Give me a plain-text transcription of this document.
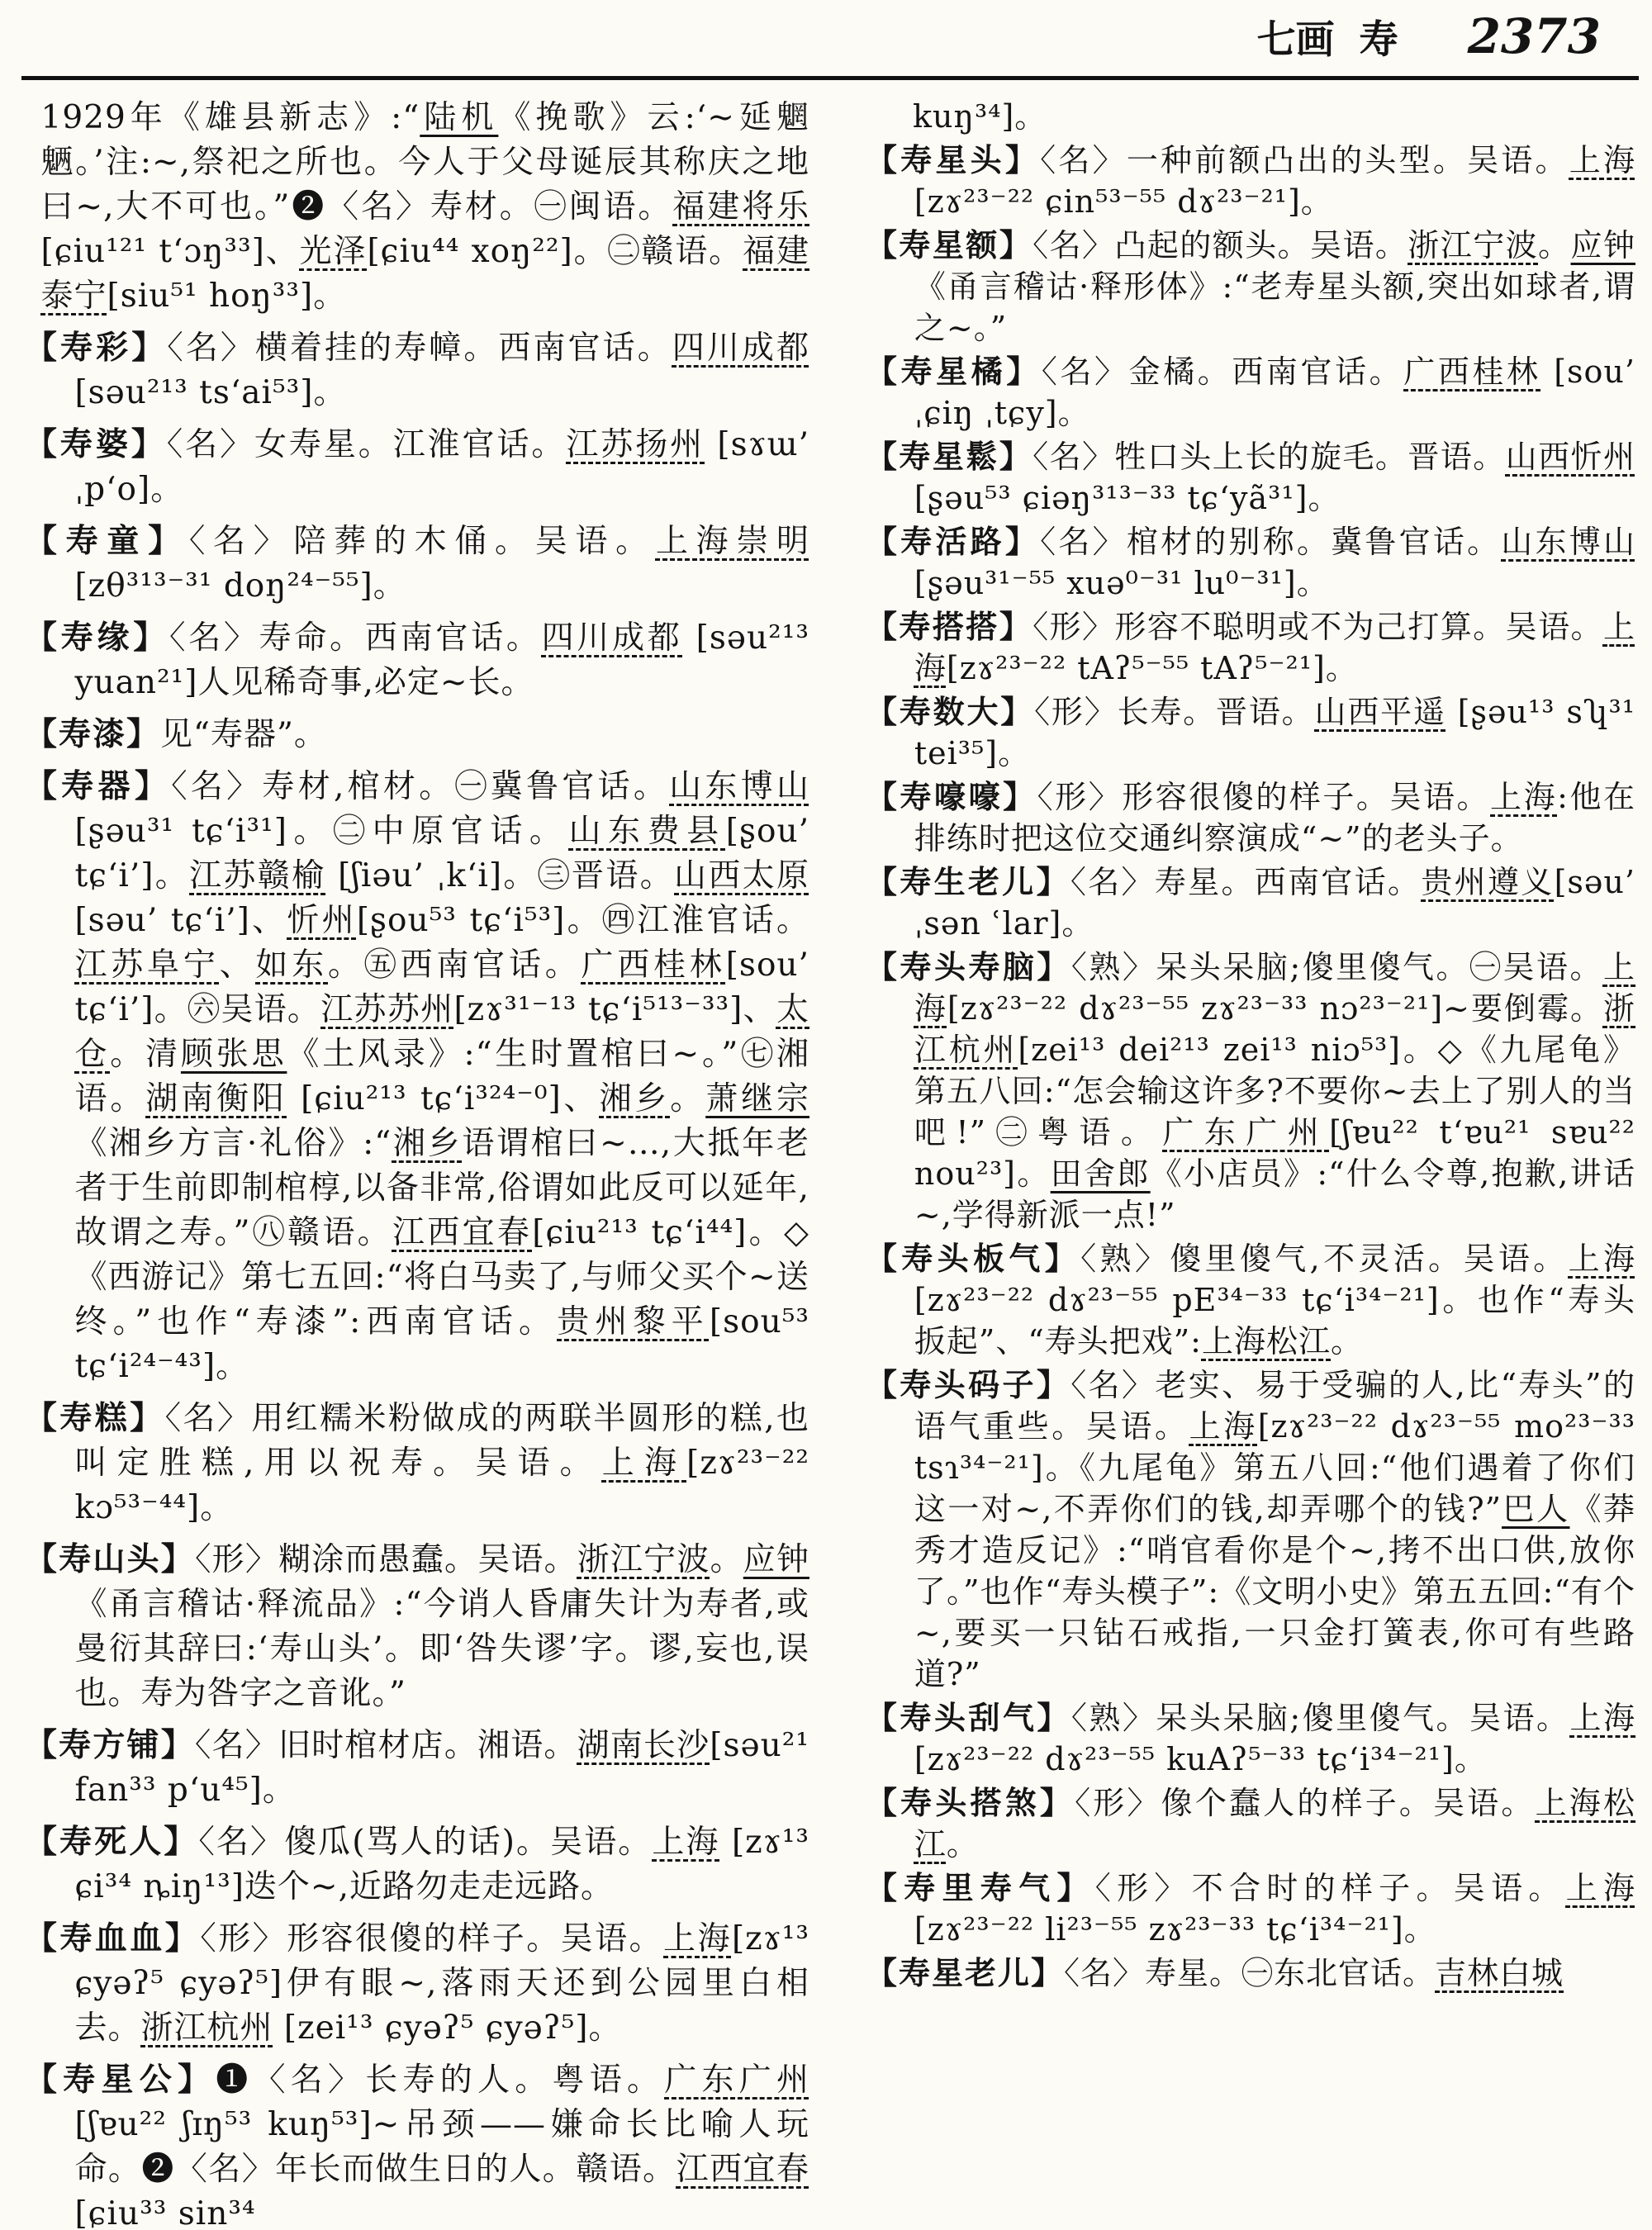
七画 寿 2373

1929年《雄县新志》:“陆机《挽歌》云:‘~延魍魉。’注:~,祭祀之所也。今人于父母诞辰其称庆之地曰~,大不可也。”❷〈名〉寿材。㊀闽语。福建将乐[ɕiu¹²¹ t‘ɔŋ³³]、光泽[ɕiu⁴⁴ xoŋ²²]。㊁赣语。福建泰宁[siu⁵¹ hoŋ³³]。

【寿彩】〈名〉横着挂的寿幛。西南官话。四川成都[səu²¹³ ts‘ai⁵³]。

【寿婆】〈名〉女寿星。江淮官话。江苏扬州 [sɤɯ’ ˌp‘o]。

【寿童】〈名〉陪葬的木俑。吴语。上海崇明 [zθ³¹³⁻³¹ doŋ²⁴⁻⁵⁵]。

【寿缘】〈名〉寿命。西南官话。四川成都 [səu²¹³ yuan²¹]人见稀奇事,必定~长。

【寿漆】见“寿器”。

【寿器】〈名〉寿材,棺材。㊀冀鲁官话。山东博山[ʂəu³¹ tɕ‘i³¹]。㊁中原官话。山东费县[ʂou’ tɕ‘i’]。江苏赣榆 [ʃiəu’ ˌk‘i]。㊂晋语。山西太原 [səu’ tɕ‘i’]、忻州[ʂou⁵³ tɕ‘i⁵³]。㊃江淮官话。江苏阜宁、如东。㊄西南官话。广西桂林[sou’ tɕ‘i’]。㊅吴语。江苏苏州[zɤ³¹⁻¹³ tɕ‘i⁵¹³⁻³³]、太仓。清顾张思《土风录》:“生时置棺曰~。”㊆湘语。湖南衡阳 [ɕiu²¹³ tɕ‘i³²⁴⁻⁰]、湘乡。萧继宗《湘乡方言·礼俗》:“湘乡语谓棺曰~…,大抵年老者于生前即制棺椁,以备非常,俗谓如此反可以延年,故谓之寿。”㊇赣语。江西宜春[ɕiu²¹³ tɕ‘i⁴⁴]。◇《西游记》第七五回:“将白马卖了,与师父买个~送终。”也作“寿漆”:西南官话。贵州黎平[sou⁵³ tɕ‘i²⁴⁻⁴³]。

【寿糕】〈名〉用红糯米粉做成的两联半圆形的糕,也叫定胜糕,用以祝寿。吴语。上海[zɤ²³⁻²² kɔ⁵³⁻⁴⁴]。

【寿山头】〈形〉糊涂而愚蠢。吴语。浙江宁波。应钟《甬言稽诂·释流品》:“今诮人昏庸失计为寿者,或曼衍其辞曰:‘寿山头’。即‘咎失谬’字。谬,妄也,误也。寿为咎字之音讹。”

【寿方铺】〈名〉旧时棺材店。湘语。湖南长沙[səu²¹ fan³³ p‘u⁴⁵]。

【寿死人】〈名〉傻瓜(骂人的话)。吴语。上海 [zɤ¹³ ɕi³⁴ ȵiŋ¹³]迭个~,近路勿走走远路。

【寿血血】〈形〉形容很傻的样子。吴语。上海[zɤ¹³ ɕyəʔ⁵ ɕyəʔ⁵]伊有眼~,落雨天还到公园里白相去。浙江杭州 [zei¹³ ɕyəʔ⁵ ɕyəʔ⁵]。

【寿星公】❶〈名〉长寿的人。粤语。广东广州[ʃɐu²² ʃɪŋ⁵³ kuŋ⁵³]~吊颈——嫌命长比喻人玩命。❷〈名〉年长而做生日的人。赣语。江西宜春 [ɕiu³³ sin³⁴

kuŋ³⁴]。

【寿星头】〈名〉一种前额凸出的头型。吴语。上海[zɤ²³⁻²² ɕin⁵³⁻⁵⁵ dɤ²³⁻²¹]。

【寿星额】〈名〉凸起的额头。吴语。浙江宁波。应钟《甬言稽诂·释形体》:“老寿星头额,突出如球者,谓之~。”

【寿星橘】〈名〉金橘。西南官话。广西桂林 [sou’ ˌɕiŋ ˌtɕy]。

【寿星鬆】〈名〉牲口头上长的旋毛。晋语。山西忻州[ʂəu⁵³ ɕiəŋ³¹³⁻³³ tɕ‘yã³¹]。

【寿活路】〈名〉棺材的别称。冀鲁官话。山东博山[ʂəu³¹⁻⁵⁵ xuə⁰⁻³¹ lu⁰⁻³¹]。

【寿搭搭】〈形〉形容不聪明或不为己打算。吴语。上海[zɤ²³⁻²² tAʔ⁵⁻⁵⁵ tAʔ⁵⁻²¹]。

【寿数大】〈形〉长寿。晋语。山西平遥 [ʂəu¹³ sʮ³¹ tei³⁵]。

【寿嚎嚎】〈形〉形容很傻的样子。吴语。上海:他在排练时把这位交通纠察演成“~”的老头子。

【寿生老儿】〈名〉寿星。西南官话。贵州遵义[səu’ ˌsən ʿlar]。

【寿头寿脑】〈熟〉呆头呆脑;傻里傻气。㊀吴语。上海[zɤ²³⁻²² dɤ²³⁻⁵⁵ zɤ²³⁻³³ nɔ²³⁻²¹]~要倒霉。浙江杭州[zei¹³ dei²¹³ zei¹³ niɔ⁵³]。◇《九尾龟》第五八回:“怎会输这许多?不要你~去上了别人的当吧!”㊁粤语。广东广州[ʃɐu²² t‘ɐu²¹ sɐu²² nou²³]。田舍郎《小店员》:“什么令尊,抱歉,讲话~,学得新派一点!”

【寿头板气】〈熟〉傻里傻气,不灵活。吴语。上海[zɤ²³⁻²² dɤ²³⁻⁵⁵ pE³⁴⁻³³ tɕ‘i³⁴⁻²¹]。也作“寿头扳起”、“寿头把戏”:上海松江。

【寿头码子】〈名〉老实、易于受骗的人,比“寿头”的语气重些。吴语。上海[zɤ²³⁻²² dɤ²³⁻⁵⁵ mo²³⁻³³ tsɿ³⁴⁻²¹]。《九尾龟》第五八回:“他们遇着了你们这一对~,不弄你们的钱,却弄哪个的钱?”巴人《莽秀才造反记》:“哨官看你是个~,拷不出口供,放你了。”也作“寿头模子”:《文明小史》第五五回:“有个~,要买一只钻石戒指,一只金打簧表,你可有些路道?”

【寿头刮气】〈熟〉呆头呆脑;傻里傻气。吴语。上海[zɤ²³⁻²² dɤ²³⁻⁵⁵ kuAʔ⁵⁻³³ tɕ‘i³⁴⁻²¹]。

【寿头搭煞】〈形〉像个蠢人的样子。吴语。上海松江。

【寿里寿气】〈形〉不合时的样子。吴语。上海[zɤ²³⁻²² li²³⁻⁵⁵ zɤ²³⁻³³ tɕ‘i³⁴⁻²¹]。

【寿星老儿】〈名〉寿星。㊀东北官话。吉林白城
